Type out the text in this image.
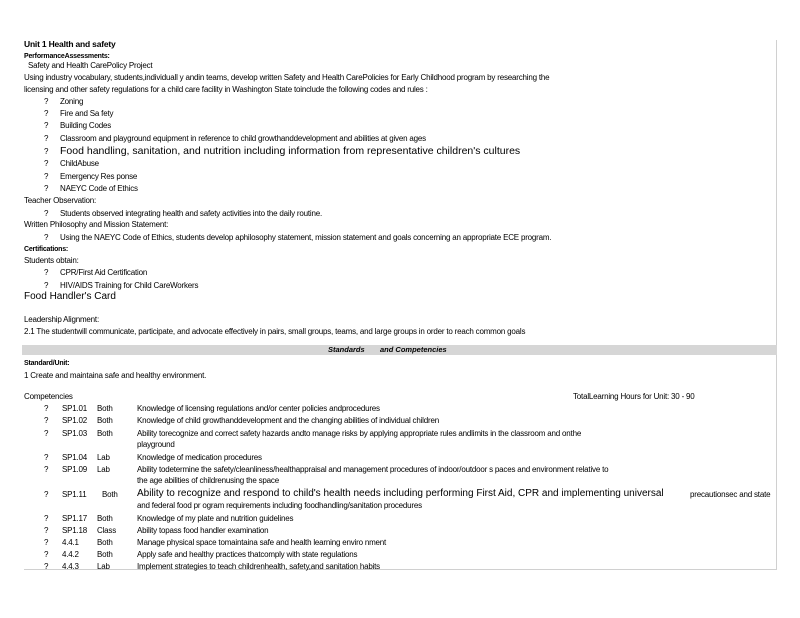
Unit 1 Health and safety
PerformanceAssessments:
Safety and Health CarePolicy Project
Using industry vocabulary, students,individuall y andin teams, develop written Safety and Health CarePolicies for Early Childhood program by researching the
licensing and other safety regulations for a child care facility in Washington State toinclude the following codes and rules :
? Zoning
? Fire and Sa fety
? Building Codes
? Classroom and playground equipment in reference to child growthanddevelopment and abilities at given ages
? Food handling, sanitation, and nutrition including information from representative children's cultures
? ChildAbuse
? Emergency Res ponse
? NAEYC Code of Ethics
Teacher Observation:
? Students observed integrating health and safety activities into the daily routine.
Written Philosophy and Mission Statement:
? Using the NAEYC Code of Ethics, students develop aphilosophy statement, mission statement and goals concerning an appropriate ECE program.
Certifications:
Students obtain:
? CPR/First Aid Certification
? HIV/AIDS Training for Child CareWorkers
Food Handler's Card
Leadership Alignment:
2.1 The studentwill communicate, participate, and advocate effectively in pairs, small groups, teams, and large groups in order to reach common goals
Standards and Competencies
Standard/Unit:
1 Create and maintaina safe and healthy environment.
Competencies	TotalLearning Hours for Unit: 30 - 90
? SP1.01 Both	Knowledge of licensing regulations and/or center policies andprocedures
? SP1.02 Both	Knowledge of child growthanddevelopment and the changing abilities of individual children
? SP1.03 Both	Ability torecognize and correct safety hazards andto manage risks by applying appropriate rules andlimits in the classroom and onthe
playground
? SP1.04 Lab	Knowledge of medication procedures
? SP1.09 Lab	Ability todetermine the safety/cleanliness/healthappraisal and management procedures of indoor/outdoor s paces and environment relative to
the age abilities of childrenusing the space
? SP1.11 Both Ability to recognize and respond to child's health needs including performing First Aid, CPR and implementing universal	precautionsec and state
and federal food pr ogram requirements including foodhandling/sanitation procedures
? SP1.17 Both	Knowledge of my plate and nutrition guidelines
? SP1.18 Class	Ability topass food handler examination
? 4.4.1 Both	Manage physical space tomaintaina safe and health learning enviro nment
? 4.4.2 Both	Apply safe and healthy practices thatcomply with state regulations
? 4.4.3 Lab	Implement strategies to teach childrenhealth, safety,and sanitation habits
